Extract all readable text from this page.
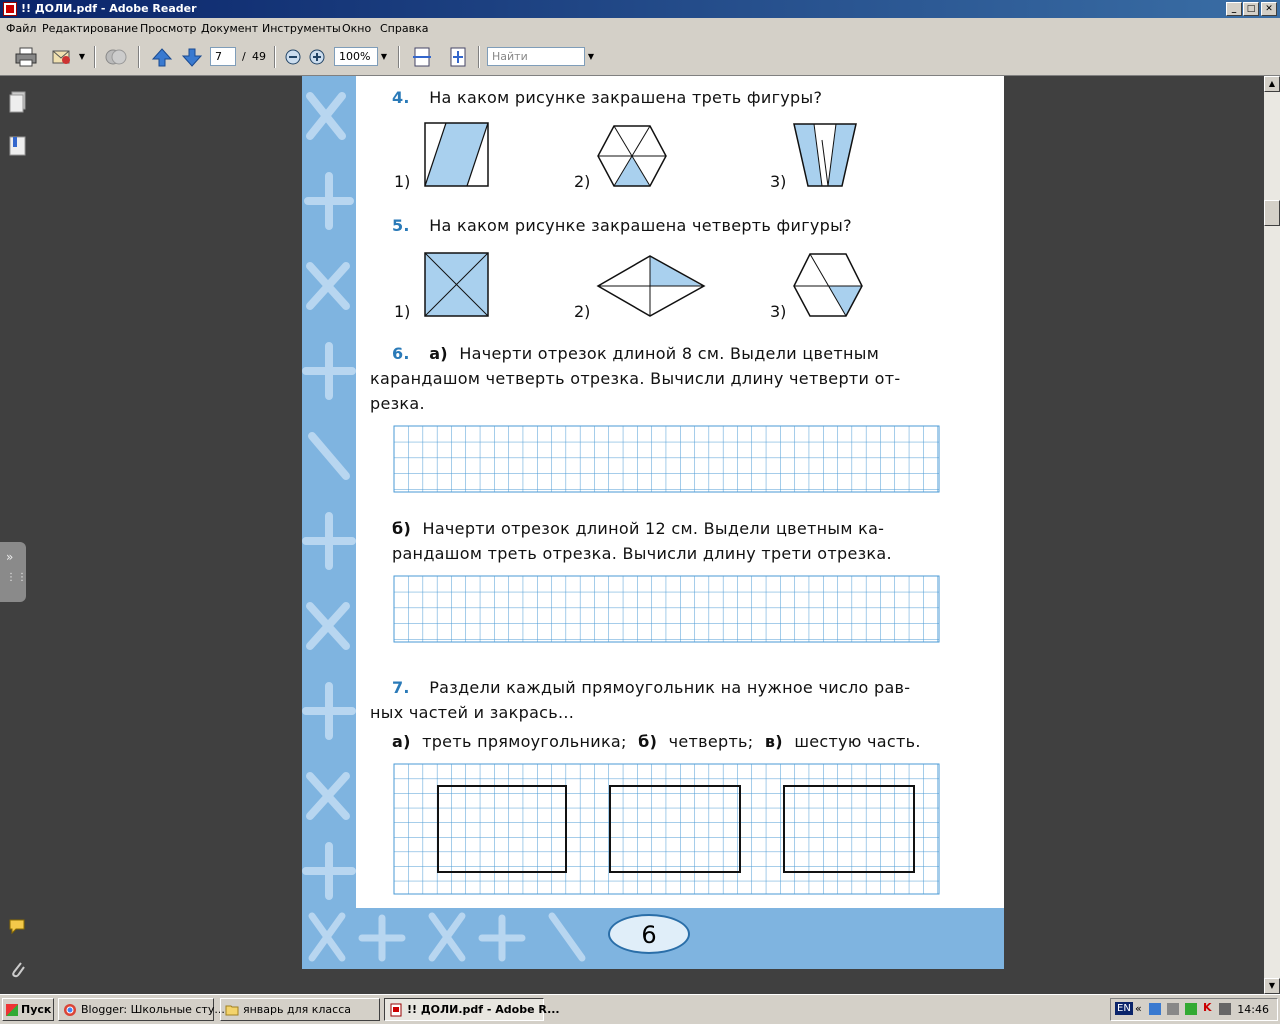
!! ДОЛИ.pdf - Adobe Reader	_	□	✕
Файл Редактирование Просмотр Документ Инструменты Окно Справка
▼	7	/ 49	100%	▼	Найти	▼
»
⋮⋮
4. На каком рисунке закрашена треть фигуры?
1)	2)	3)
5. На каком рисунке закрашена четверть фигуры?
1)	2)	3)
6. а) Начерти отрезок длиной 8 см. Выдели цветным
карандашом четверть отрезка. Вычисли длину четверти от-
резка.
б) Начерти отрезок длиной 12 см. Выдели цветным ка-
рандашом треть отрезка. Вычисли длину трети отрезка.
7. Раздели каждый прямоугольник на нужное число рав-
ных частей и закрась...
а) треть прямоугольника; б) четверть; в) шестую часть.
6
▲
▼
Пуск	Blogger: Школьные сту...	январь для класса	!! ДОЛИ.pdf - Adobe R...	EN «	K 14:46
